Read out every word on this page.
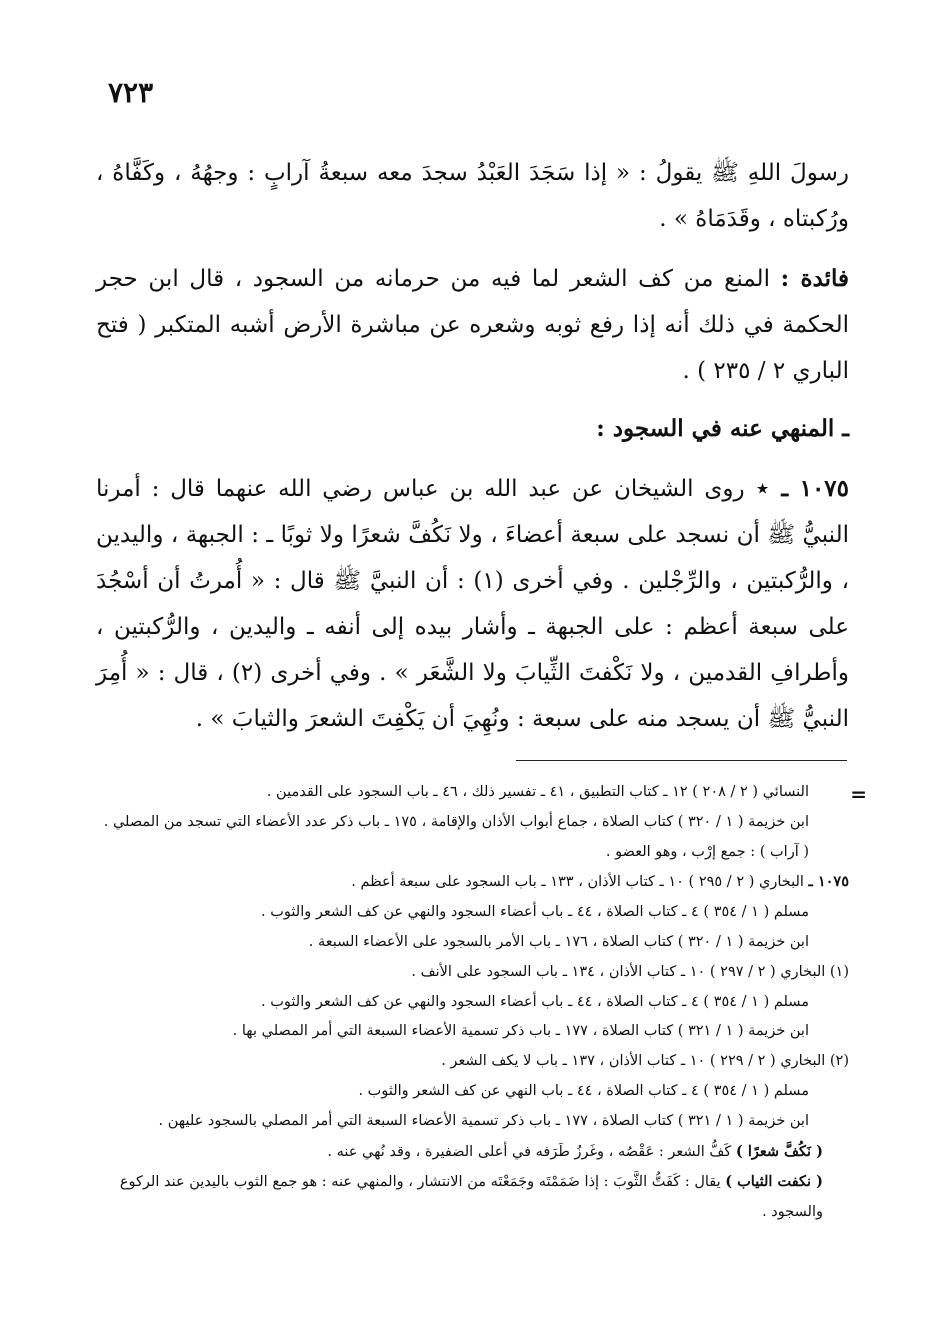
٧٢٣

رسولَ اللهِ ﷺ يقولُ : « إذا سَجَدَ العَبْدُ سجدَ معه سبعةُ آرابٍ : وجهُهُ ، وكَفَّاهُ ، ورُكبتاه ، وقَدَمَاهُ » .

فائدة : المنع من كف الشعر لما فيه من حرمانه من السجود ، قال ابن حجر الحكمة في ذلك أنه إذا رفع ثوبه وشعره عن مباشرة الأرض أشبه المتكبر ( فتح الباري ٢ / ٢٣٥ ) .

ـ المنهي عنه في السجود :

١٠٧٥ ـ ⋆ روى الشيخان عن عبد الله بن عباس رضي الله عنهما قال : أمرنا النبيُّ ﷺ أن نسجد على سبعة أعضاءَ ، ولا نَكُفَّ شعرًا ولا ثوبًا ـ : الجبهة ، واليدين ، والرُّكبتين ، والرِّجْلين . وفي أخرى (١) : أن النبيَّ ﷺ قال : « أُمرتُ أن أسْجُدَ على سبعة أعظم : على الجبهة ـ وأشار بيده إلى أنفه ـ واليدين ، والرُّكبتين ، وأطرافِ القدمين ، ولا نَكْفتَ الثِّيابَ ولا الشَّعَر » . وفي أخرى (٢) ، قال : « أُمِرَ النبيُّ ﷺ أن يسجد منه على سبعة : ونُهِيَ أن يَكْفِتَ الشعرَ والثيابَ » .

=

النسائي ( ٢ / ٢٠٨ ) ١٢ ـ كتاب التطبيق ، ٤١ ـ تفسير ذلك ، ٤٦ ـ باب السجود على القدمين .

ابن خزيمة ( ١ / ٣٢٠ ) كتاب الصلاة ، جماع أبواب الأذان والإقامة ، ١٧٥ ـ باب ذكر عدد الأعضاء التي تسجد من المصلي .

( آراب ) : جمع إرْب ، وهو العضو .

١٠٧٥ ـ البخاري ( ٢ / ٢٩٥ ) ١٠ ـ كتاب الأذان ، ١٣٣ ـ باب السجود على سبعة أعظم .

مسلم ( ١ / ٣٥٤ ) ٤ ـ كتاب الصلاة ، ٤٤ ـ باب أعضاء السجود والنهي عن كف الشعر والثوب .

ابن خزيمة ( ١ / ٣٢٠ ) كتاب الصلاة ، ١٧٦ ـ باب الأمر بالسجود على الأعضاء السبعة .

(١) البخاري ( ٢ / ٢٩٧ ) ١٠ ـ كتاب الأذان ، ١٣٤ ـ باب السجود على الأنف .

مسلم ( ١ / ٣٥٤ ) ٤ ـ كتاب الصلاة ، ٤٤ ـ باب أعضاء السجود والنهي عن كف الشعر والثوب .

ابن خزيمة ( ١ / ٣٢١ ) كتاب الصلاة ، ١٧٧ ـ باب ذكر تسمية الأعضاء السبعة التي أمر المصلي بها .

(٢) البخاري ( ٢ / ٢٢٩ ) ١٠ ـ كتاب الأذان ، ١٣٧ ـ باب لا يكف الشعر .

مسلم ( ١ / ٣٥٤ ) ٤ ـ كتاب الصلاة ، ٤٤ ـ باب النهي عن كف الشعر والثوب .

ابن خزيمة ( ١ / ٣٢١ ) كتاب الصلاة ، ١٧٧ ـ باب ذكر تسمية الأعضاء السبعة التي أمر المصلي بالسجود عليهن .

( نَكُفَّ شعرًا ) كَفُّ الشعر : عَقْصُه ، وغَرزُ طَرَفه في أعلى الضفيرة ، وقد نُهي عنه .

( نكفت الثياب ) يقال : كَفَتُّ الثَّوبَ : إذا ضَمَمْتَه وجَمَعْتَه من الانتشار ، والمنهي عنه : هو جمع الثوب باليدين عند الركوع والسجود .
